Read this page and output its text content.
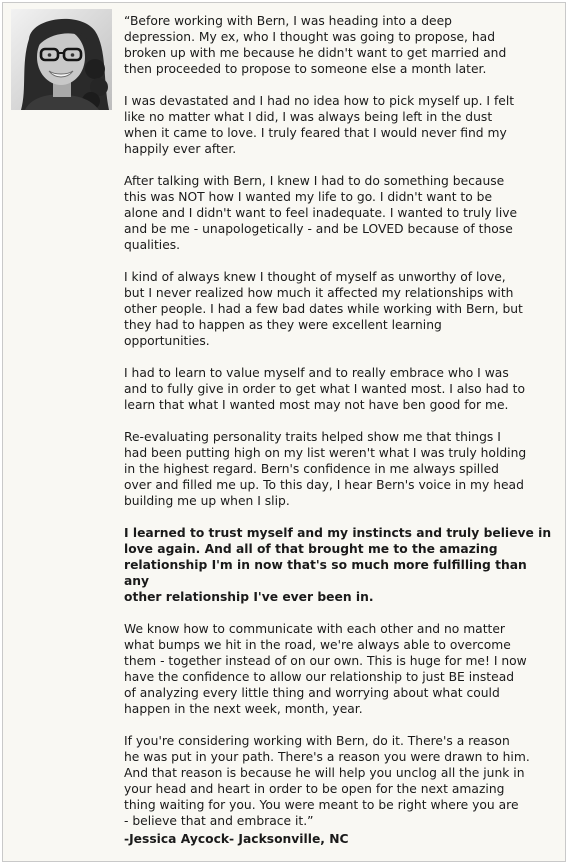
“Before working with Bern, I was heading into a deep
depression. My ex, who I thought was going to propose, had
broken up with me because he didn't want to get married and
then proceeded to propose to someone else a month later.

I was devastated and I had no idea how to pick myself up. I felt
like no matter what I did, I was always being left in the dust
when it came to love. I truly feared that I would never find my
happily ever after.

After talking with Bern, I knew I had to do something because
this was NOT how I wanted my life to go. I didn't want to be
alone and I didn't want to feel inadequate. I wanted to truly live
and be me - unapologetically - and be LOVED because of those
qualities.

I kind of always knew I thought of myself as unworthy of love,
but I never realized how much it affected my relationships with
other people. I had a few bad dates while working with Bern, but
they had to happen as they were excellent learning
opportunities.

I had to learn to value myself and to really embrace who I was
and to fully give in order to get what I wanted most. I also had to
learn that what I wanted most may not have ben good for me.

Re-evaluating personality traits helped show me that things I
had been putting high on my list weren't what I was truly holding
in the highest regard. Bern's confidence in me always spilled
over and filled me up. To this day, I hear Bern's voice in my head
building me up when I slip.

I learned to trust myself and my instincts and truly believe in
love again. And all of that brought me to the amazing
relationship I'm in now that's so much more fulfilling than any
other relationship I've ever been in.

We know how to communicate with each other and no matter
what bumps we hit in the road, we're always able to overcome
them - together instead of on our own. This is huge for me! I now
have the confidence to allow our relationship to just BE instead
of analyzing every little thing and worrying about what could
happen in the next week, month, year.

If you're considering working with Bern, do it. There's a reason
he was put in your path. There's a reason you were drawn to him.
And that reason is because he will help you unclog all the junk in
your head and heart in order to be open for the next amazing
thing waiting for you. You were meant to be right where you are
- believe that and embrace it.”

-Jessica Aycock- Jacksonville, NC
